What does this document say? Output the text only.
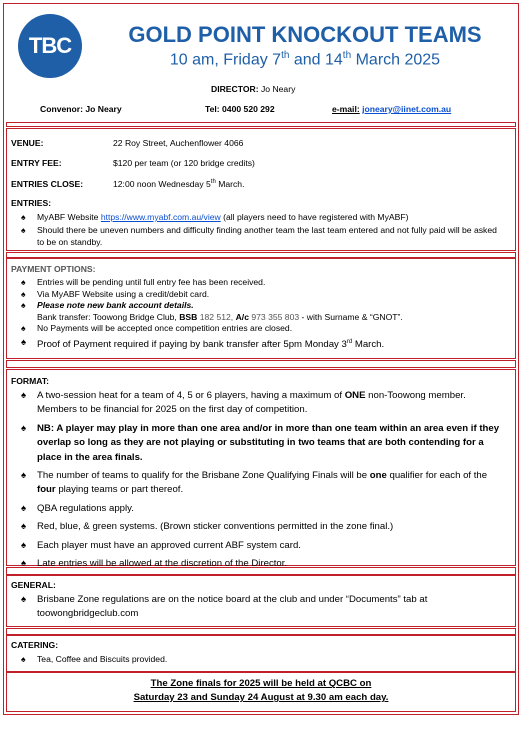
TBC	GOLD POINT KNOCKOUT TEAMS
10 am, Friday 7th and 14th March 2025
DIRECTOR: Jo Neary
Convenor: Jo Neary	Tel: 0400 520 292	e-mail: joneary@iinet.com.au
VENUE:	22 Roy Street, Auchenflower 4066
ENTRY FEE:	$120 per team (or 120 bridge credits)
ENTRIES CLOSE:	12:00 noon Wednesday 5th March.
ENTRIES:
♠ MyABF Website https://www.myabf.com.au/view (all players need to have registered with MyABF)
♠ Should there be uneven numbers and difficulty finding another team the last team entered and not fully paid will be asked to be on standby.
PAYMENT OPTIONS:
♠ Entries will be pending until full entry fee has been received.
♠ Via MyABF Website using a credit/debit card.
♠ Please note new bank account details.
Bank transfer: Toowong Bridge Club, BSB 182 512, A/c 973 355 803 - with Surname & “GNOT”.
♠ No Payments will be accepted once competition entries are closed.
♠ Proof of Payment required if paying by bank transfer after 5pm Monday 3rd March.
FORMAT:
♠ A two-session heat for a team of 4, 5 or 6 players, having a maximum of ONE non-Toowong member. Members to be financial for 2025 on the first day of competition.
♠ NB: A player may play in more than one area and/or in more than one team within an area even if they overlap so long as they are not playing or substituting in two teams that are both contending for a place in the area finals.
♠ The number of teams to qualify for the Brisbane Zone Qualifying Finals will be one qualifier for each of the four playing teams or part thereof.
♠ QBA regulations apply.
♠ Red, blue, & green systems. (Brown sticker conventions permitted in the zone final.)
♠ Each player must have an approved current ABF system card.
♠ Late entries will be allowed at the discretion of the Director.
GENERAL:
♠ Brisbane Zone regulations are on the notice board at the club and under “Documents” tab at toowongbridgeclub.com
CATERING:
♠ Tea, Coffee and Biscuits provided.
The Zone finals for 2025 will be held at QCBC on
Saturday 23 and Sunday 24 August at 9.30 am each day.
